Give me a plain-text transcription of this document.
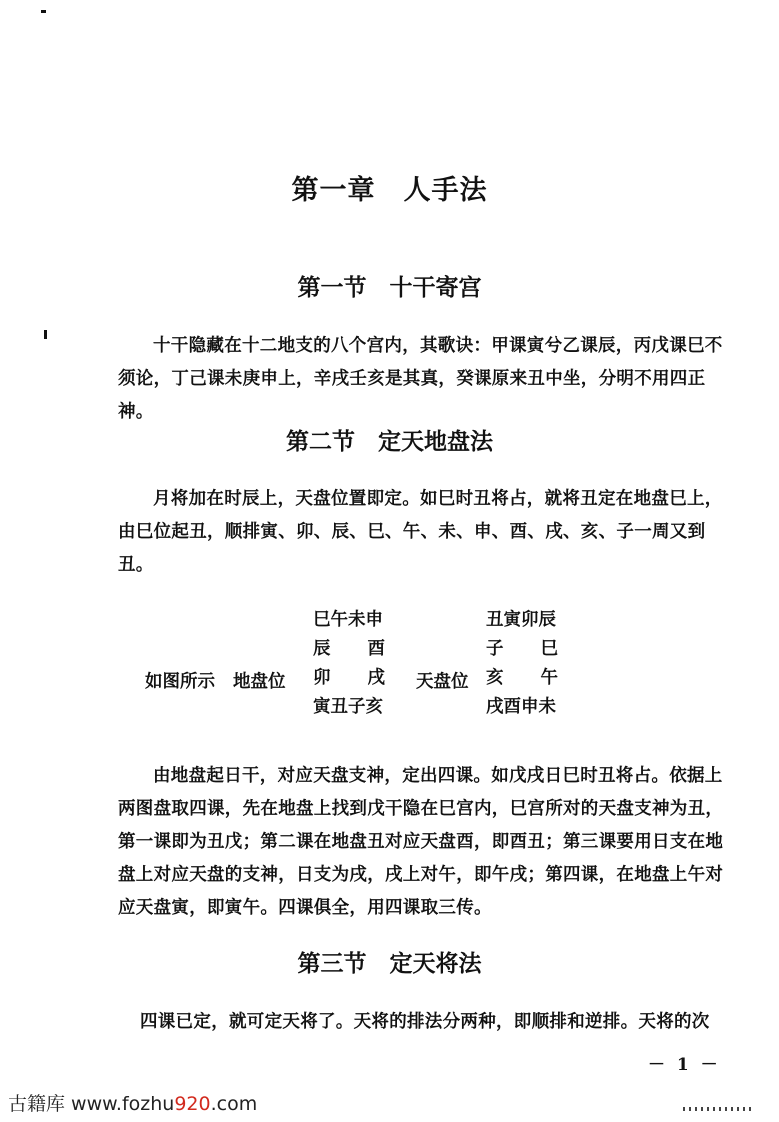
第一章　人手法
第一节　十干寄宫
十干隐藏在十二地支的八个宫内，其歌诀：甲课寅兮乙课辰，丙戊课巳不须论，丁己课未庚申上，辛戌壬亥是其真，癸课原来丑中坐，分明不用四正神。
第二节　定天地盘法
月将加在时辰上，天盘位置即定。如巳时丑将占，就将丑定在地盘巳上，由巳位起丑，顺排寅、卯、辰、巳、午、未、申、酉、戌、亥、子一周又到丑。
如图所示 地盘位
巳午未申
辰 酉
卯 戌
寅丑子亥
天盘位
丑寅卯辰
子 巳
亥 午
戌酉申未
由地盘起日干，对应天盘支神，定出四课。如戊戌日巳时丑将占。依据上两图盘取四课，先在地盘上找到戊干隐在巳宫内，巳宫所对的天盘支神为丑，第一课即为丑戊；第二课在地盘丑对应天盘酉，即酉丑；第三课要用日支在地盘上对应天盘的支神，日支为戌，戌上对午，即午戌；第四课，在地盘上午对应天盘寅，即寅午。四课俱全，用四课取三传。
第三节　定天将法
四课已定，就可定天将了。天将的排法分两种，即顺排和逆排。天将的次
－ 1 －
古籍库 www.fozhu920.com
